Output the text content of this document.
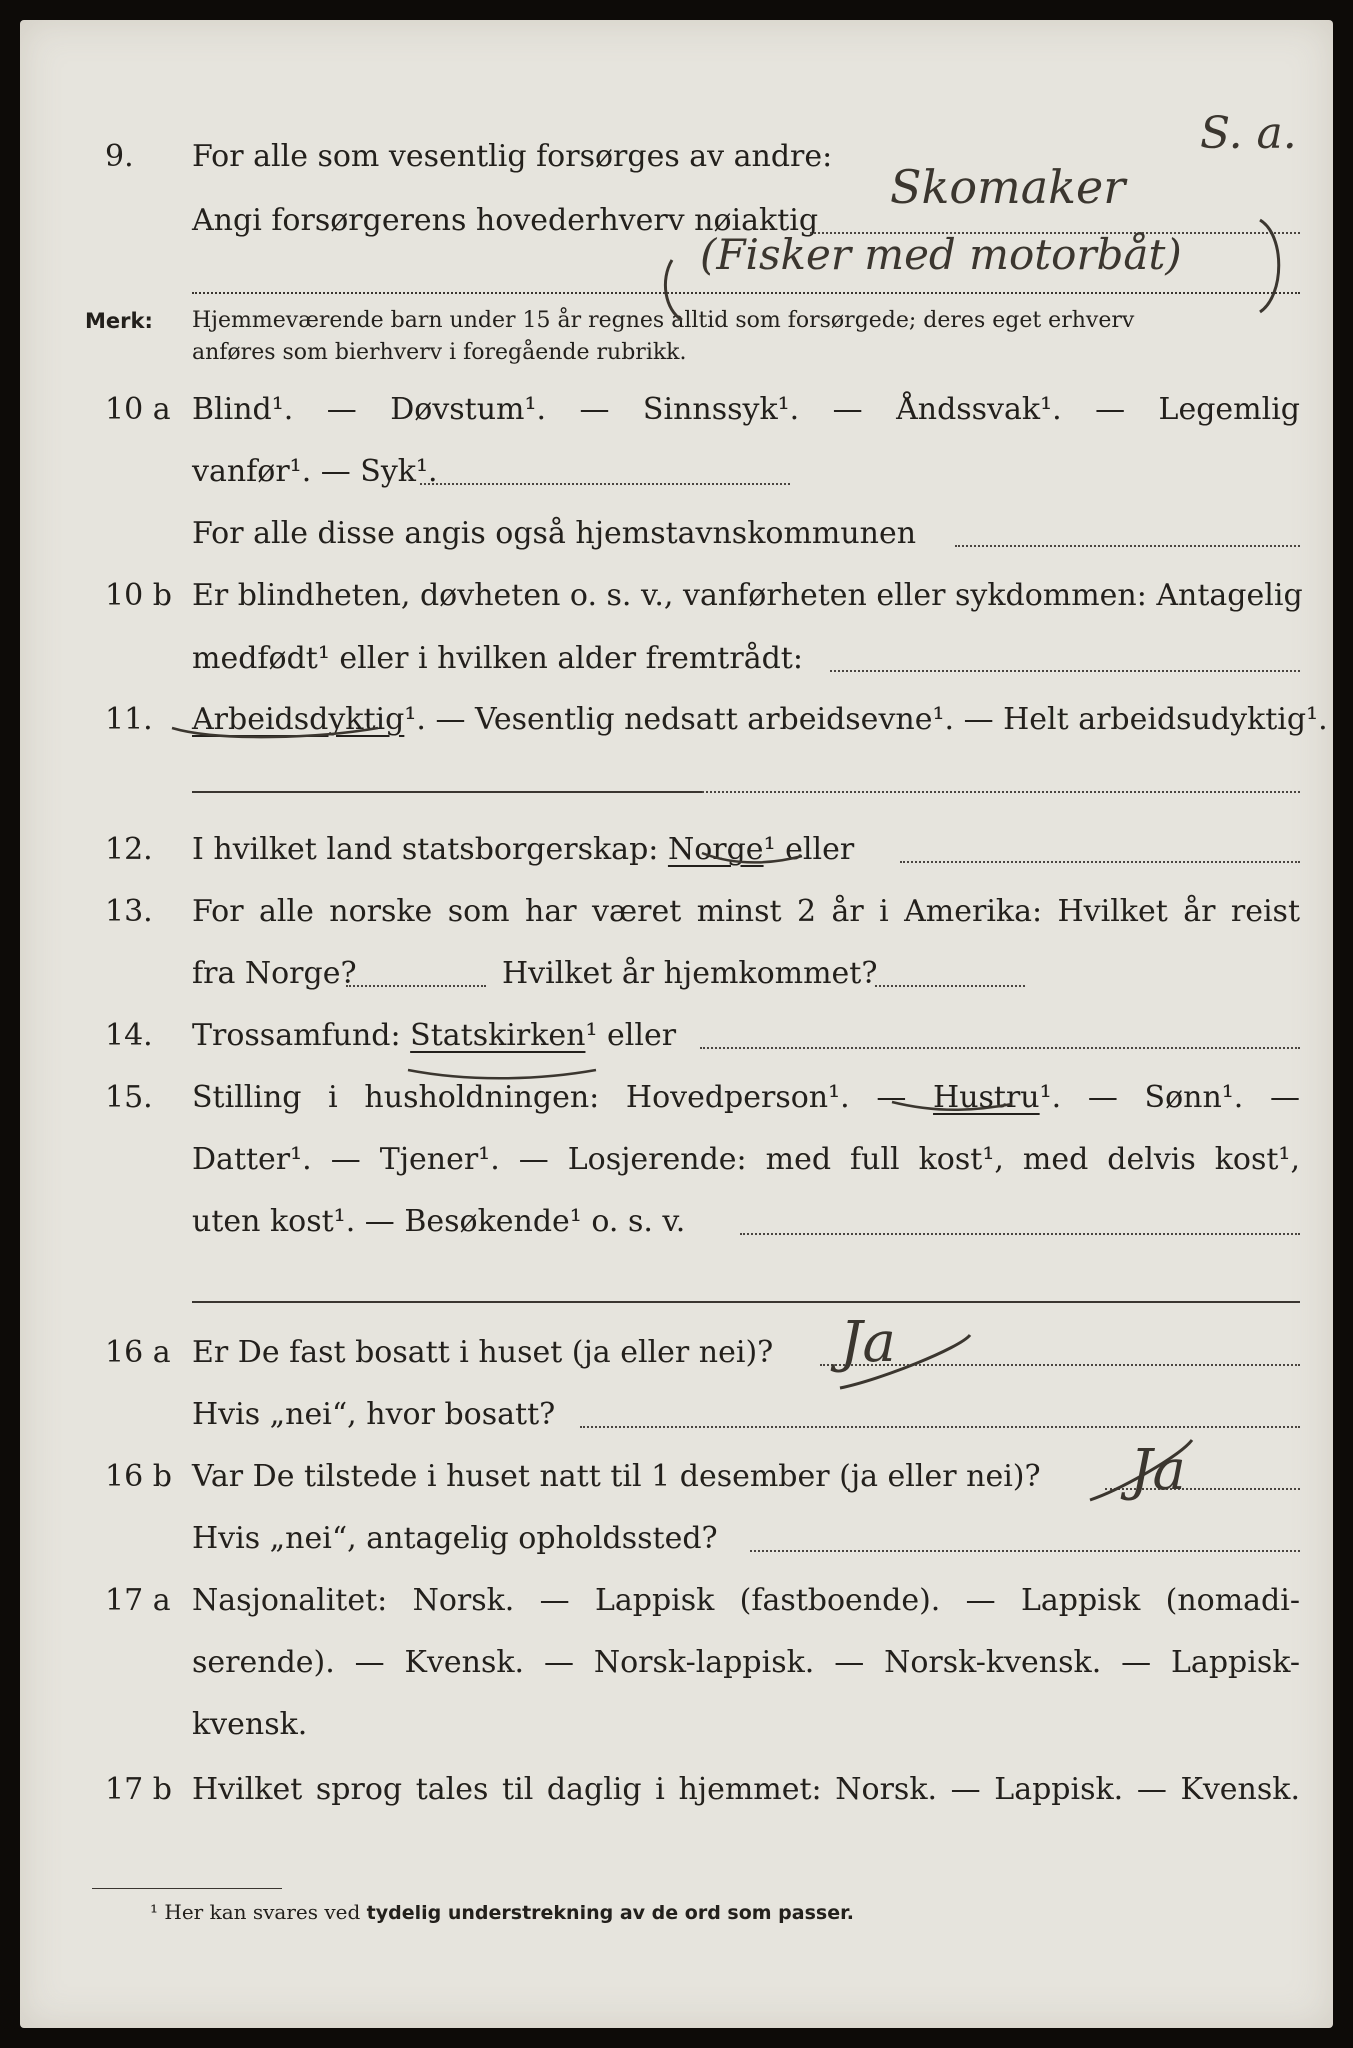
9. For alle som vesentlig forsørges av andre:
Angi forsørgerens hovederhverv nøiaktig
Skomaker
(Fisker med motorbåt)
S. a.
Merk: Hjemmeværende barn under 15 år regnes alltid som forsørgede; deres eget erhverv
anføres som bierhverv i foregående rubrikk.
10 a Blind¹. — Døvstum¹. — Sinnssyk¹. — Åndssvak¹. — Legemlig
vanfør¹. — Syk¹.
For alle disse angis også hjemstavnskommunen
10 b Er blindheten, døvheten o. s. v., vanførheten eller sykdommen: Antagelig
medfødt¹ eller i hvilken alder fremtrådt:
11. Arbeidsdyktig¹. — Vesentlig nedsatt arbeidsevne¹. — Helt arbeidsudyktig¹.
12. I hvilket land statsborgerskap: Norge¹ eller
13. For alle norske som har været minst 2 år i Amerika: Hvilket år reist
fra Norge?	Hvilket år hjemkommet?
14. Trossamfund: Statskirken¹ eller
15. Stilling i husholdningen: Hovedperson¹. — Hustru¹. — Sønn¹. —
Datter¹. — Tjener¹. — Losjerende: med full kost¹, med delvis kost¹,
uten kost¹. — Besøkende¹ o. s. v.
16 a Er De fast bosatt i huset (ja eller nei)? Ja
Hvis „nei“, hvor bosatt?
16 b Var De tilstede i huset natt til 1 desember (ja eller nei)? Ja
Hvis „nei“, antagelig opholdssted?
17 a Nasjonalitet: Norsk. — Lappisk (fastboende). — Lappisk (nomadi-
serende). — Kvensk. — Norsk-lappisk. — Norsk-kvensk. — Lappisk-
kvensk.
17 b Hvilket sprog tales til daglig i hjemmet: Norsk. — Lappisk. — Kvensk.
¹ Her kan svares ved tydelig understrekning av de ord som passer.
